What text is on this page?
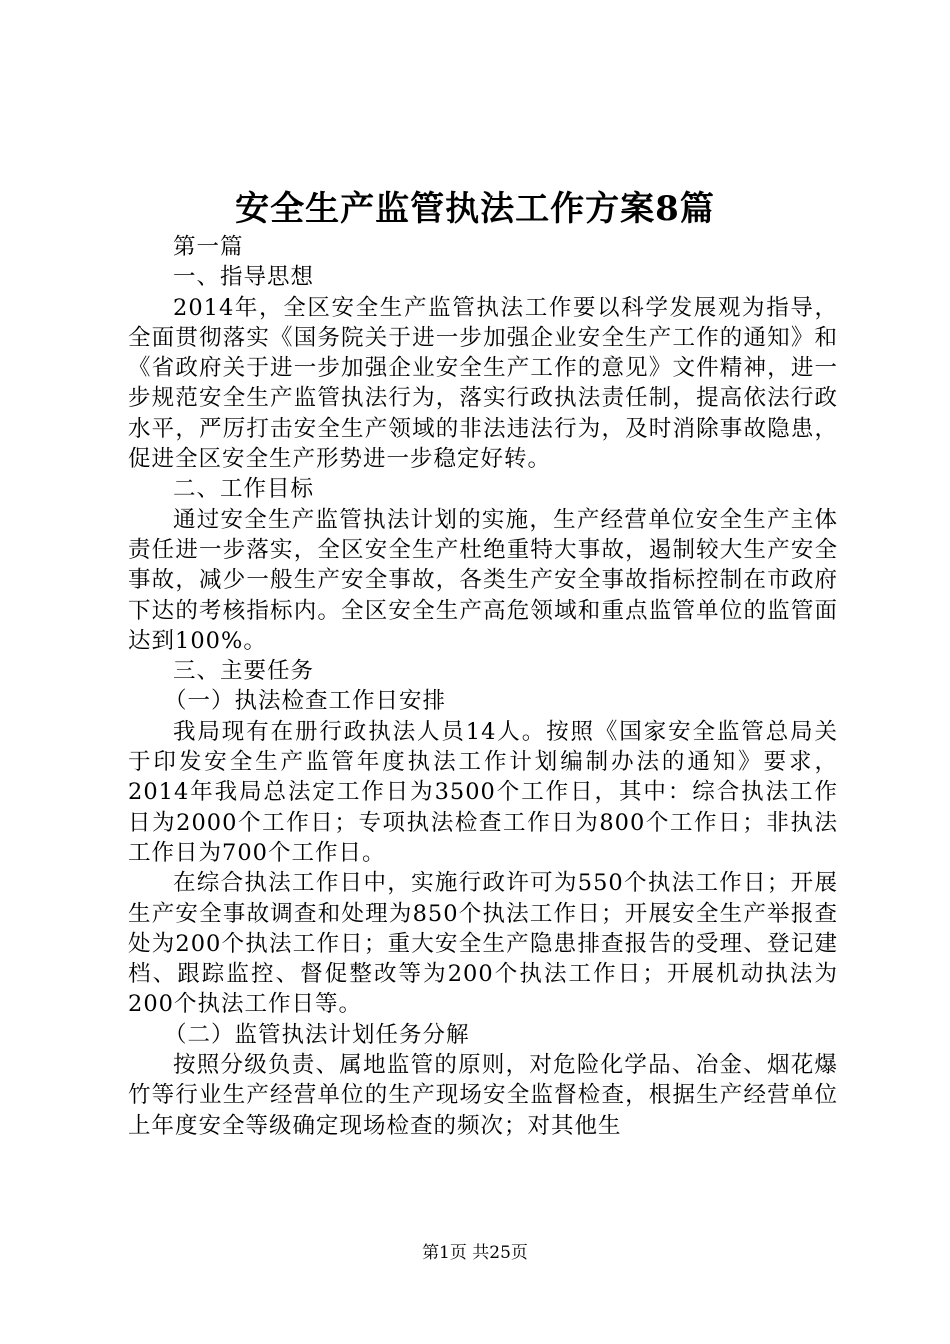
安全生产监管执法工作方案8篇

第一篇

一、指导思想

2014年，全区安全生产监管执法工作要以科学发展观为指导，全面贯彻落实《国务院关于进一步加强企业安全生产工作的通知》和《省政府关于进一步加强企业安全生产工作的意见》文件精神，进一步规范安全生产监管执法行为，落实行政执法责任制，提高依法行政水平，严厉打击安全生产领域的非法违法行为，及时消除事故隐患，促进全区安全生产形势进一步稳定好转。

二、工作目标

通过安全生产监管执法计划的实施，生产经营单位安全生产主体责任进一步落实，全区安全生产杜绝重特大事故，遏制较大生产安全事故，减少一般生产安全事故，各类生产安全事故指标控制在市政府下达的考核指标内。全区安全生产高危领域和重点监管单位的监管面达到100%。

三、主要任务

（一）执法检查工作日安排

我局现有在册行政执法人员14人。按照《国家安全监管总局关于印发安全生产监管年度执法工作计划编制办法的通知》要求，2014年我局总法定工作日为3500个工作日，其中：综合执法工作日为2000个工作日；专项执法检查工作日为800个工作日；非执法工作日为700个工作日。

在综合执法工作日中，实施行政许可为550个执法工作日；开展生产安全事故调查和处理为850个执法工作日；开展安全生产举报查处为200个执法工作日；重大安全生产隐患排查报告的受理、登记建档、跟踪监控、督促整改等为200个执法工作日；开展机动执法为200个执法工作日等。

（二）监管执法计划任务分解

按照分级负责、属地监管的原则，对危险化学品、冶金、烟花爆竹等行业生产经营单位的生产现场安全监督检查，根据生产经营单位上年度安全等级确定现场检查的频次；对其他生

第1页 共25页
